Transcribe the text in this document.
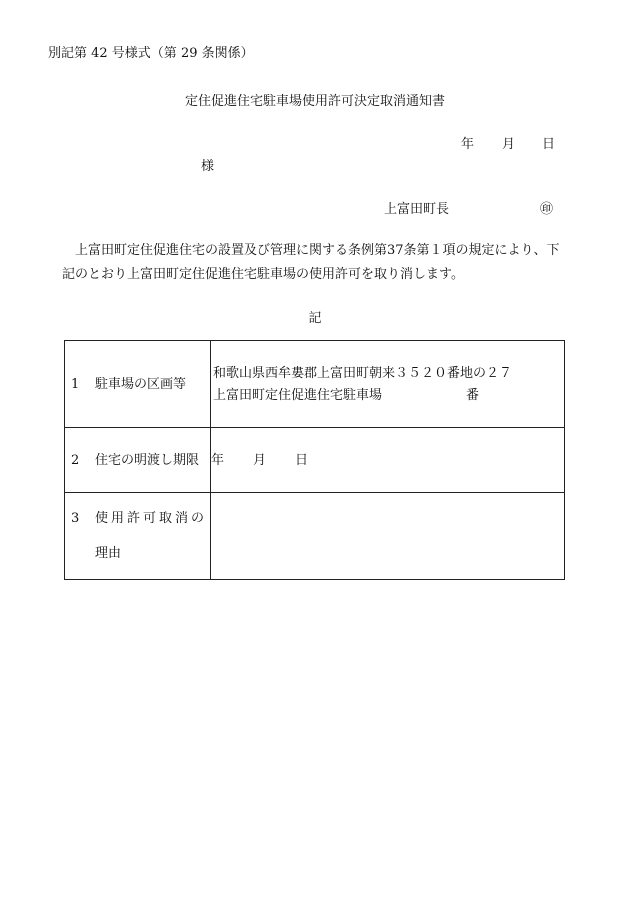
別記第 42 号様式（第 29 条関係）
定住促進住宅駐車場使用許可決定取消通知書
年 月 日
様
上富田町長	㊞
上富田町定住促進住宅の設置及び管理に関する条例第37条第１項の規定により、下
記のとおり上富田町定住促進住宅駐車場の使用許可を取り消します。
記
1 駐車場の区画等	和歌山県西牟婁郡上富田町朝来３５２０番地の２７
上富田町定住促進住宅駐車場 番

2 住宅の明渡し期限	年 月 日

3 使用許可取消の
理由	
